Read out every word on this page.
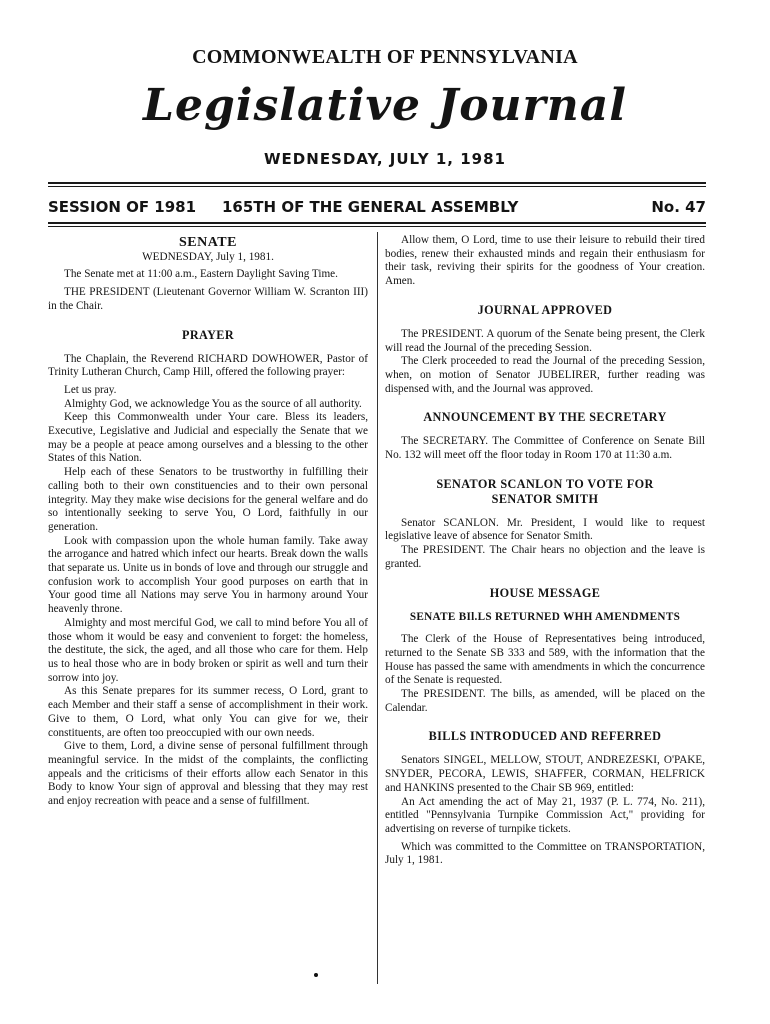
COMMONWEALTH OF PENNSYLVANIA
Legislative Journal
WEDNESDAY, JULY 1, 1981
SESSION OF 1981 165TH OF THE GENERAL ASSEMBLY	No. 47
SENATE

WEDNESDAY, July 1, 1981.

The Senate met at 11:00 a.m., Eastern Daylight Saving Time.

THE PRESIDENT (Lieutenant Governor William W. Scranton III) in the Chair.

PRAYER

The Chaplain, the Reverend RICHARD DOWHOWER, Pastor of Trinity Lutheran Church, Camp Hill, offered the following prayer:

Let us pray.

Almighty God, we acknowledge You as the source of all authority.

Keep this Commonwealth under Your care. Bless its leaders, Executive, Legislative and Judicial and especially the Senate that we may be a people at peace among ourselves and a blessing to the other States of this Nation.

Help each of these Senators to be trustworthy in fulfilling their calling both to their own constituencies and to their own personal integrity. May they make wise decisions for the general welfare and do so intentionally seeking to serve You, O Lord, faithfully in our generation.

Look with compassion upon the whole human family. Take away the arrogance and hatred which infect our hearts. Break down the walls that separate us. Unite us in bonds of love and through our struggle and confusion work to accomplish Your good purposes on earth that in Your good time all Nations may serve You in harmony around Your heavenly throne.

Almighty and most merciful God, we call to mind before You all of those whom it would be easy and convenient to forget: the homeless, the destitute, the sick, the aged, and all those who care for them. Help us to heal those who are in body broken or spirit as well and turn their sorrow into joy.

As this Senate prepares for its summer recess, O Lord, grant to each Member and their staff a sense of accomplishment in their work. Give to them, O Lord, what only You can give for we, their constituents, are often too preoccupied with our own needs.

Give to them, Lord, a divine sense of personal fulfillment through meaningful service. In the midst of the complaints, the conflicting appeals and the criticisms of their efforts allow each Senator in this Body to know Your sign of approval and blessing that they may rest and enjoy recreation with peace and a sense of fulfillment.

Allow them, O Lord, time to use their leisure to rebuild their tired bodies, renew their exhausted minds and regain their enthusiasm for their task, reviving their spirits for the goodness of Your creation. Amen.

JOURNAL APPROVED

The PRESIDENT. A quorum of the Senate being present, the Clerk will read the Journal of the preceding Session.

The Clerk proceeded to read the Journal of the preceding Session, when, on motion of Senator JUBELIRER, further reading was dispensed with, and the Journal was approved.

ANNOUNCEMENT BY THE SECRETARY

The SECRETARY. The Committee of Conference on Senate Bill No. 132 will meet off the floor today in Room 170 at 11:30 a.m.

SENATOR SCANLON TO VOTE FOR
SENATOR SMITH

Senator SCANLON. Mr. President, I would like to request legislative leave of absence for Senator Smith.

The PRESIDENT. The Chair hears no objection and the leave is granted.

HOUSE MESSAGE
SENATE BIl.LS RETURNED WHH AMENDMENTS

The Clerk of the House of Representatives being introduced, returned to the Senate SB 333 and 589, with the information that the House has passed the same with amendments in which the concurrence of the Senate is requested.

The PRESIDENT. The bills, as amended, will be placed on the Calendar.

BILLS INTRODUCED AND REFERRED

Senators SINGEL, MELLOW, STOUT, ANDREZESKI, O'PAKE, SNYDER, PECORA, LEWIS, SHAFFER, CORMAN, HELFRICK and HANKINS presented to the Chair SB 969, entitled:

An Act amending the act of May 21, 1937 (P. L. 774, No. 211), entitled "Pennsylvania Turnpike Commission Act," providing for advertising on reverse of turnpike tickets.

Which was committed to the Committee on TRANSPORTATION, July 1, 1981.
